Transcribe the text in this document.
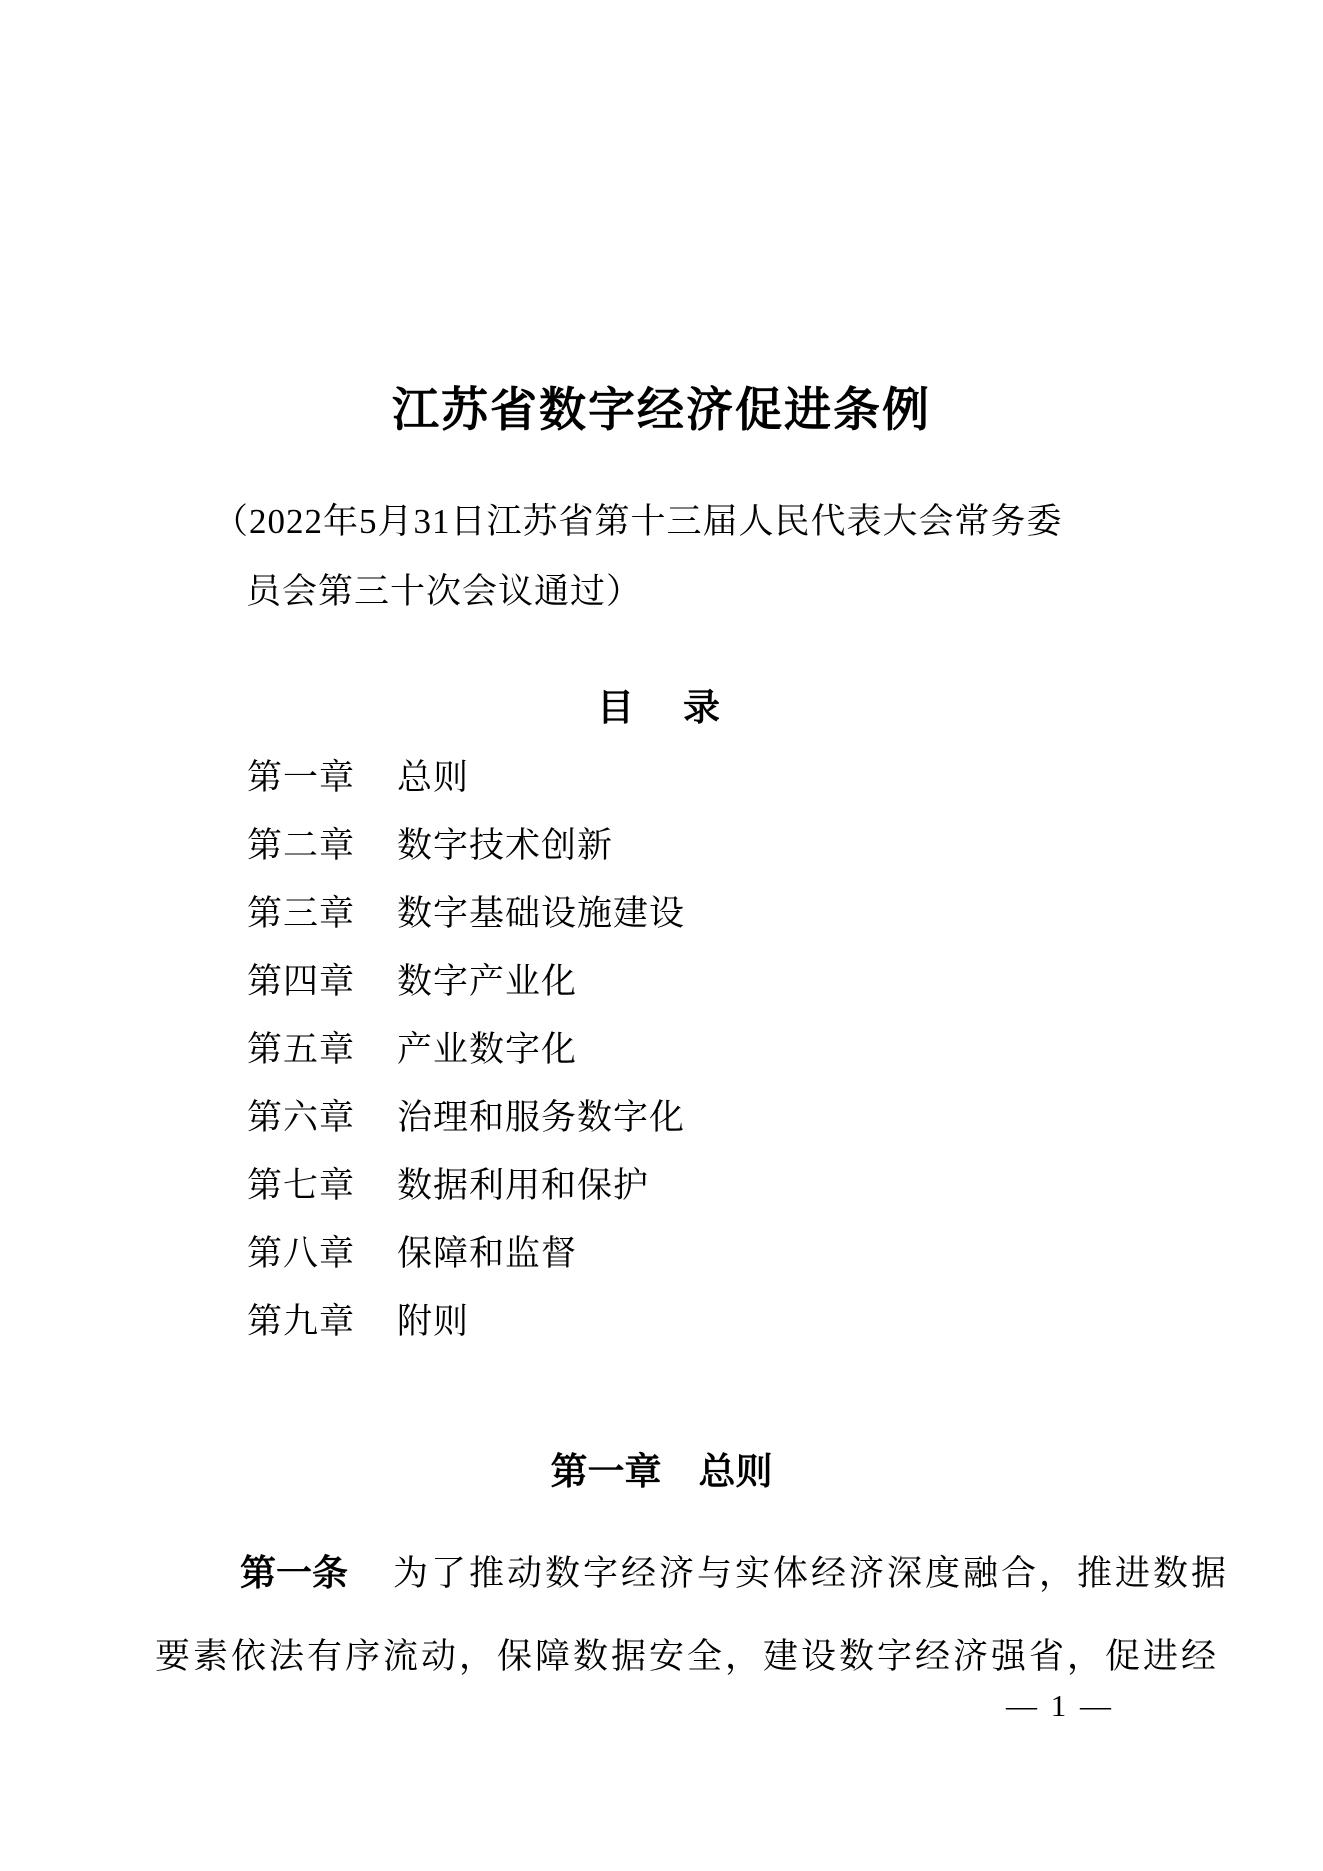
江苏省数字经济促进条例
（2022年5月31日江苏省第十三届人民代表大会常务委
员会第三十次会议通过）
目　录
第一章 总则
第二章 数字技术创新
第三章 数字基础设施建设
第四章 数字产业化
第五章 产业数字化
第六章 治理和服务数字化
第七章 数据利用和保护
第八章 保障和监督
第九章 附则
第一章　总则
第一条 为了推动数字经济与实体经济深度融合，推进数据
要素依法有序流动，保障数据安全，建设数字经济强省，促进经
— 1 —
